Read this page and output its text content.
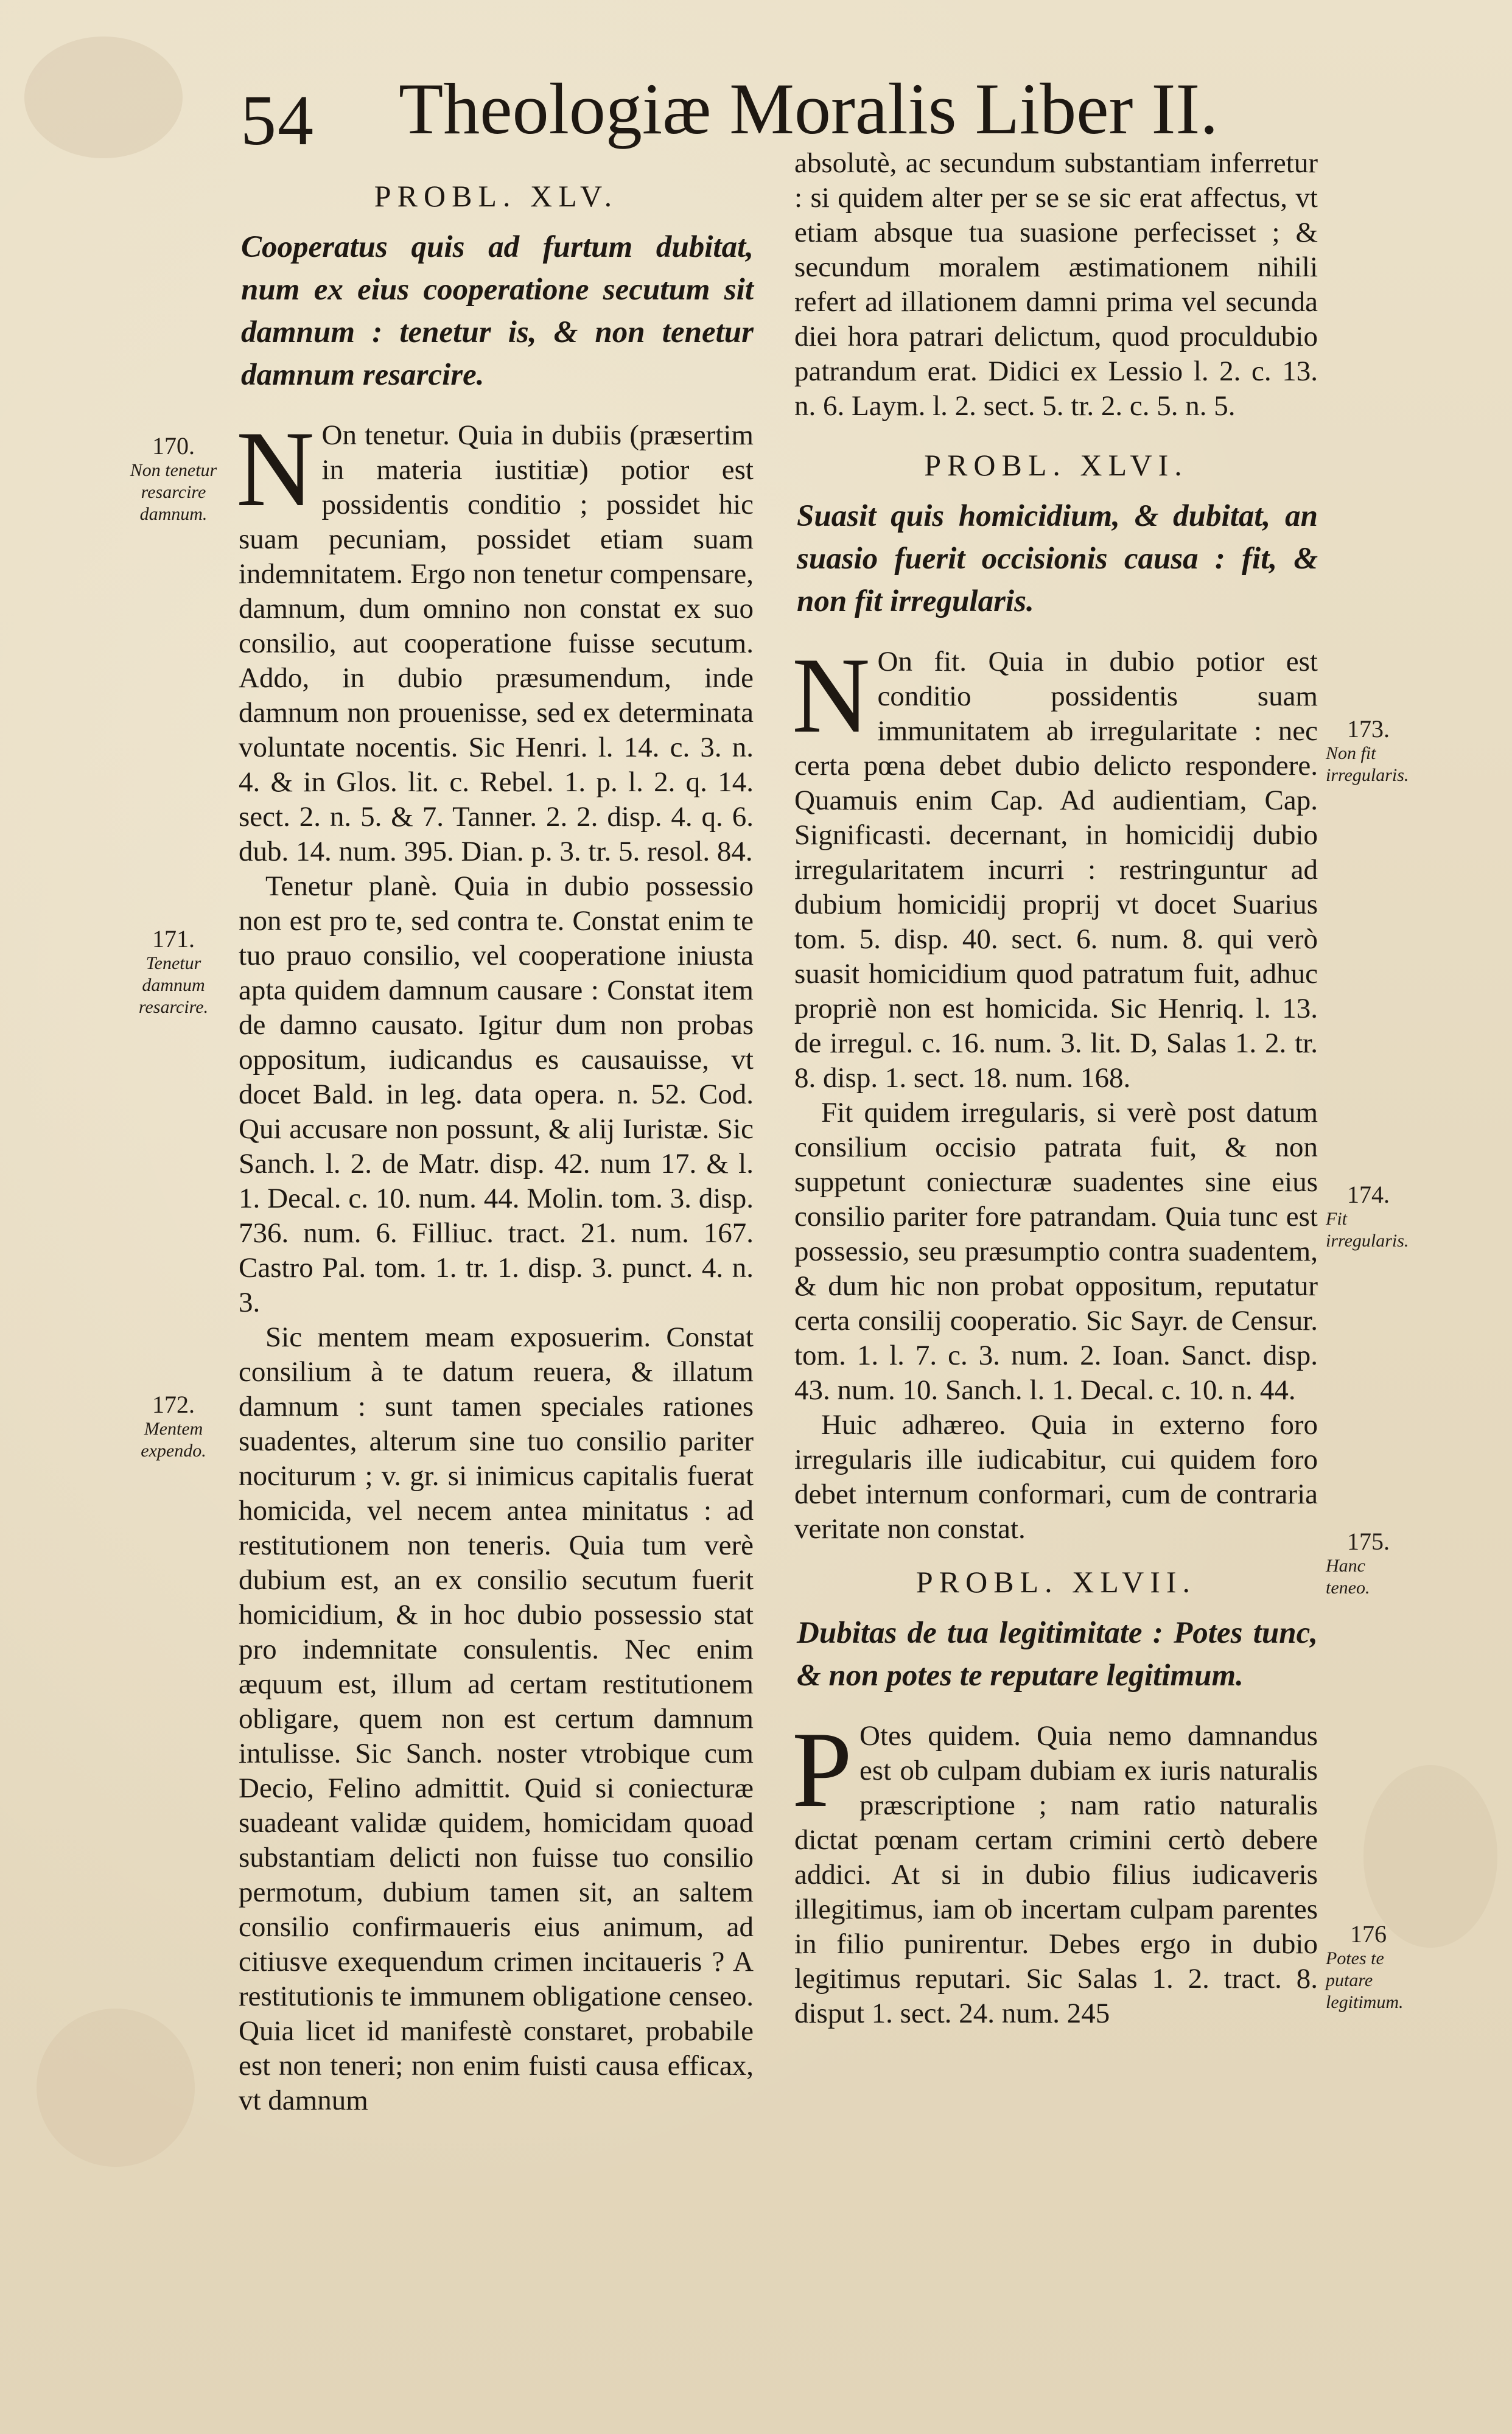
54 Theologiæ Moralis Liber II.
PROBL. XLV.
Cooperatus quis ad furtum dubitat, num ex eius cooperatione secutum sit damnum : tenetur is, & non tenetur damnum resarcire.

N On tenetur. Quia in dubiis (præsertim in materia iustitiæ) potior est possidentis conditio ; possidet hic suam pecuniam, possidet etiam suam indemnitatem. Ergo non tenetur compensare, damnum, dum omnino non constat ex suo consilio, aut cooperatione fuisse secutum. Addo, in dubio præsumendum, inde damnum non prouenisse, sed ex determinata voluntate nocentis. Sic Henri. l. 14. c. 3. n. 4. & in Glos. lit. c. Rebel. 1. p. l. 2. q. 14. sect. 2. n. 5. & 7. Tanner. 2. 2. disp. 4. q. 6. dub. 14. num. 395. Dian. p. 3. tr. 5. resol. 84.

Tenetur planè. Quia in dubio possessio non est pro te, sed contra te. Constat enim te tuo prauo consilio, vel cooperatione iniusta apta quidem damnum causare : Constat item de damno causato. Igitur dum non probas oppositum, iudicandus es causauisse, vt docet Bald. in leg. data opera. n. 52. Cod. Qui accusare non possunt, & alij Iuristæ. Sic Sanch. l. 2. de Matr. disp. 42. num 17. & l. 1. Decal. c. 10. num. 44. Molin. tom. 3. disp. 736. num. 6. Filliuc. tract. 21. num. 167. Castro Pal. tom. 1. tr. 1. disp. 3. punct. 4. n. 3.

Sic mentem meam exposuerim. Constat consilium à te datum reuera, & illatum damnum : sunt tamen speciales rationes suadentes, alterum sine tuo consilio pariter nociturum ; v. gr. si inimicus capitalis fuerat homicida, vel necem antea minitatus : ad restitutionem non teneris. Quia tum verè dubium est, an ex consilio secutum fuerit homicidium, & in hoc dubio possessio stat pro indemnitate consulentis. Nec enim æquum est, illum ad certam restitutionem obligare, quem non est certum damnum intulisse. Sic Sanch. noster vtrobique cum Decio, Felino admittit. Quid si coniecturæ suadeant validæ quidem, homicidam quoad substantiam delicti non fuisse tuo consilio permotum, dubium tamen sit, an saltem consilio confirmaueris eius animum, ad citiusve exequendum crimen incitaueris ? A restitutionis te immunem obligatione censeo. Quia licet id manifestè constaret, probabile est non teneri; non enim fuisti causa efficax, vt damnum

absolutè, ac secundum substantiam inferretur : si quidem alter per se se sic erat affectus, vt etiam absque tua suasione perfecisset ; & secundum moralem æstimationem nihili refert ad illationem damni prima vel secunda diei hora patrari delictum, quod proculdubio patrandum erat. Didici ex Lessio l. 2. c. 13. n. 6. Laym. l. 2. sect. 5. tr. 2. c. 5. n. 5.

PROBL. XLVI.
Suasit quis homicidium, & dubitat, an suasio fuerit occisionis causa : fit, & non fit irregularis.

N On fit. Quia in dubio potior est conditio possidentis suam immunitatem ab irregularitate : nec certa pœna debet dubio delicto respondere. Quamuis enim Cap. Ad audientiam, Cap. Significasti. decernant, in homicidij dubio irregularitatem incurri : restringuntur ad dubium homicidij proprij vt docet Suarius tom. 5. disp. 40. sect. 6. num. 8. qui verò suasit homicidium quod patratum fuit, adhuc propriè non est homicida. Sic Henriq. l. 13. de irregul. c. 16. num. 3. lit. D, Salas 1. 2. tr. 8. disp. 1. sect. 18. num. 168.

Fit quidem irregularis, si verè post datum consilium occisio patrata fuit, & non suppetunt coniecturæ suadentes sine eius consilio pariter fore patrandam. Quia tunc est possessio, seu præsumptio contra suadentem, & dum hic non probat oppositum, reputatur certa consilij cooperatio. Sic Sayr. de Censur. tom. 1. l. 7. c. 3. num. 2. Ioan. Sanct. disp. 43. num. 10. Sanch. l. 1. Decal. c. 10. n. 44.

Huic adhæreo. Quia in externo foro irregularis ille iudicabitur, cui quidem foro debet internum conformari, cum de contraria veritate non constat.

PROBL. XLVII.
Dubitas de tua legitimitate : Potes tunc, & non potes te reputare legitimum.

P Otes quidem. Quia nemo damnandus est ob culpam dubiam ex iuris naturalis præscriptione ; nam ratio naturalis dictat pœnam certam crimini certò debere addici. At si in dubio filius iudicaveris illegitimus, iam ob incertam culpam parentes in filio punirentur. Debes ergo in dubio legitimus reputari. Sic Salas 1. 2. tract. 8. disput 1. sect. 24. num. 245

170.
Non tenetur resarcire damnum.
171.
Tenetur damnum resarcire.
172.
Mentem expendo.
173.
Non fit irregularis.
174.
Fit irregularis.
175.
Hanc teneo.
176
Potes te putare legitimum.
